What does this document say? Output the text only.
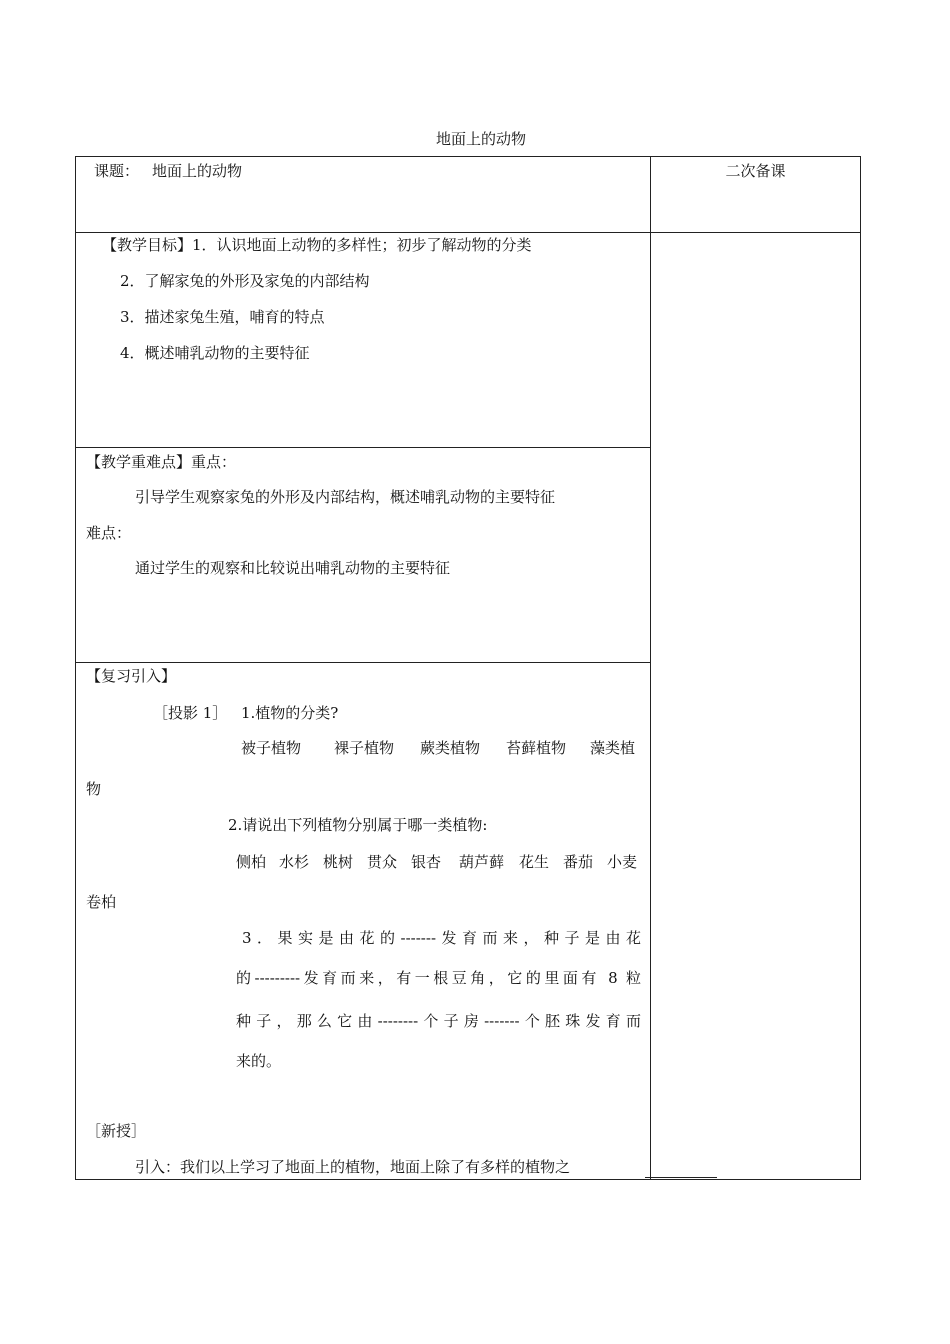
地面上的动物
课题： 地面上的动物	二次备课
【教学目标】1．认识地面上动物的多样性；初步了解动物的分类
2．了解家兔的外形及家兔的内部结构
3．描述家兔生殖，哺育的特点
4．概述哺乳动物的主要特征
【教学重难点】重点：
引导学生观察家兔的外形及内部结构，概述哺乳动物的主要特征
难点：
通过学生的观察和比较说出哺乳动物的主要特征
【复习引入】
［投影 1］ 1.植物的分类?
被子植物 裸子植物 蕨类植物 苔藓植物 藻类植
物
2.请说出下列植物分别属于哪一类植物:
侧柏 水杉 桃树 贯众 银杏 葫芦藓 花生 番茄 小麦
卷柏
3．果实是由花的-------发育而来，种子是由花
的---------发育而来，有一根豆角，它的里面有 8 粒
种子，那么它由--------个子房-------个胚珠发育而
来的。
［新授］
引入：我们以上学习了地面上的植物，地面上除了有多样的植物之
